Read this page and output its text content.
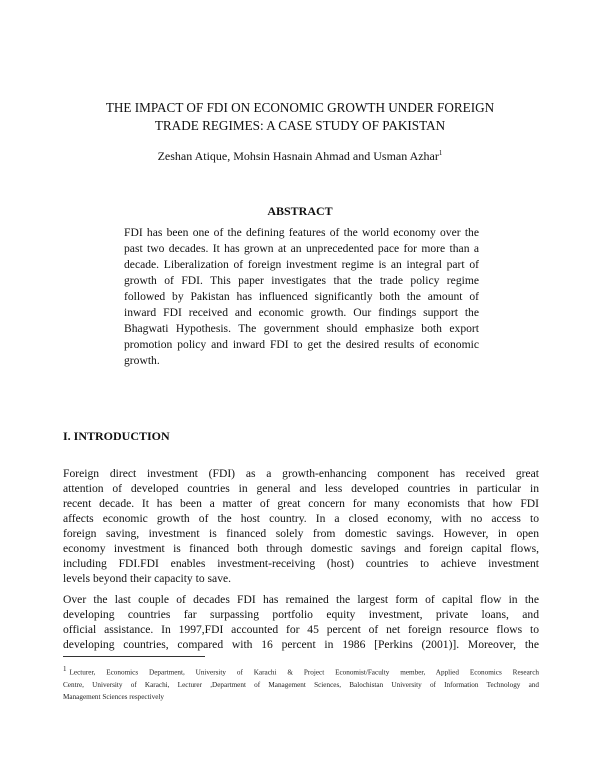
THE IMPACT OF FDI ON ECONOMIC GROWTH UNDER FOREIGN
TRADE REGIMES: A CASE STUDY OF PAKISTAN
Zeshan Atique, Mohsin Hasnain Ahmad and Usman Azhar$^1$
ABSTRACT
FDI has been one of the defining features of the world economy over the
past two decades. It has grown at an unprecedented pace for more than a
decade. Liberalization of foreign investment regime is an integral part of
growth of FDI. This paper investigates that the trade policy regime
followed by Pakistan has influenced significantly both the amount of
inward FDI received and economic growth. Our findings support the
Bhagwati Hypothesis. The government should emphasize both export
promotion policy and inward FDI to get the desired results of economic
growth.
I. INTRODUCTION
Foreign direct investment (FDI) as a growth-enhancing component has received great
attention of developed countries in general and less developed countries in particular in
recent decade. It has been a matter of great concern for many economists that how FDI
affects economic growth of the host country. In a closed economy, with no access to
foreign saving, investment is financed solely from domestic savings. However, in open
economy investment is financed both through domestic savings and foreign capital flows,
including FDI.FDI enables investment-receiving (host) countries to achieve investment
levels beyond their capacity to save.
Over the last couple of decades FDI has remained the largest form of capital flow in the
developing countries far surpassing portfolio equity investment, private loans, and
official assistance. In 1997,FDI accounted for 45 percent of net foreign resource flows to
developing countries, compared with 16 percent in 1986 [Perkins (2001)]. Moreover, the
$^1$ Lecturer, Economics Department, University of Karachi & Project Economist/Faculty member, Applied Economics Research
Centre, University of Karachi, Lecturer ,Department of Management Sciences, Balochistan University of Information Technology and
Management Sciences respectively
